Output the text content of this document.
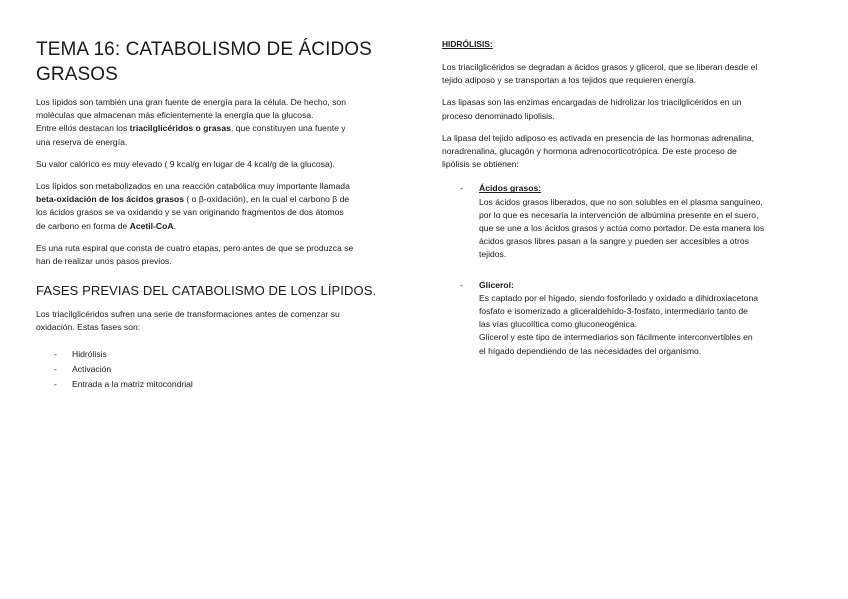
TEMA 16: CATABOLISMO DE ÁCIDOS
GRASOS

Los lípidos son también una gran fuente de energía para la célula. De hecho, son
moléculas que almacenan más eficientemente la energía que la glucosa.
Entre ellos destacan los triacilglicéridos o grasas, que constituyen una fuente y
una reserva de energía.

Su valor calórico es muy elevado ( 9 kcal/g en lugar de 4 kcal/g de la glucosa).

Los lípidos son metabolizados en una reacción catabólica muy importante llamada
beta-oxidación de los ácidos grasos ( o β-oxidación), en la cual el carbono β de
los ácidos grasos se va oxidando y se van originando fragmentos de dos átomos
de carbono en forma de Acetil-CoA.

Es una ruta espiral que consta de cuatro etapas, pero antes de que se produzca se
han de realizar unos pasos previos.

FASES PREVIAS DEL CATABOLISMO DE LOS LÍPIDOS.

Los triacilglicéridos sufren una serie de transformaciones antes de comenzar su
oxidación. Estas fases son:

- Hidrólisis
- Activación
- Entrada a la matriz mitocondrial
HIDRÓLISIS:

Los triacilglicéridos se degradan a ácidos grasos y glicerol, que se liberan desde el
tejido adiposo y se transportan a los tejidos que requieren energía.

Las lipasas son las enzimas encargadas de hidrolizar los triacilglicéridos en un
proceso denominado lipolisis.

La lipasa del tejido adiposo es activada en presencia de las hormonas adrenalina,
noradrenalina, glucagón y hormona adrenocorticotrópica. De este proceso de
lipólisis se obtienen:

- Ácidos grasos:

Los ácidos grasos liberados, que no son solubles en el plasma sanguíneo,
por lo que es necesaria la intervención de albúmina presente en el suero,
que se une a los ácidos grasos y actúa como portador. De esta manera los
ácidos grasos libres pasan a la sangre y pueden ser accesibles a otros
tejidos.

- Glicerol:

Es captado por el hígado, siendo fosforilado y oxidado a dihidroxiacetona
fosfato e isomerizado a gliceraldehído-3-fosfato, intermediario tanto de
las vías glucolítica como gluconeogénica.
Glicerol y este tipo de intermediarios son fácilmente interconvertibles en
el hígado dependiendo de las necesidades del organismo.
